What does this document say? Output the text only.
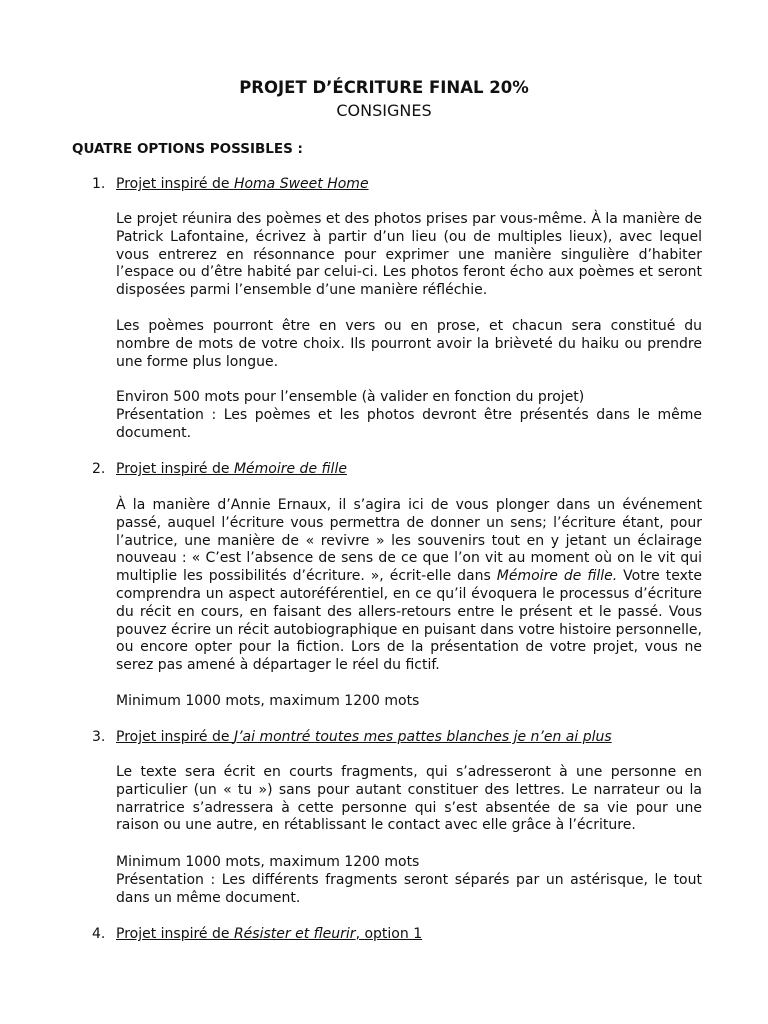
PROJET D’ÉCRITURE FINAL 20%
CONSIGNES
QUATRE OPTIONS POSSIBLES :
1. Projet inspiré de Homa Sweet Home

Le projet réunira des poèmes et des photos prises par vous-même. À la manière de Patrick Lafontaine, écrivez à partir d’un lieu (ou de multiples lieux), avec lequel vous entrerez en résonnance pour exprimer une manière singulière d’habiter l’espace ou d’être habité par celui-ci. Les photos feront écho aux poèmes et seront disposées parmi l’ensemble d’une manière réfléchie.

Les poèmes pourront être en vers ou en prose, et chacun sera constitué du nombre de mots de votre choix. Ils pourront avoir la brièveté du haiku ou prendre une forme plus longue.

Environ 500 mots pour l’ensemble (à valider en fonction du projet)
Présentation : Les poèmes et les photos devront être présentés dans le même document.
2. Projet inspiré de Mémoire de fille

À la manière d’Annie Ernaux, il s’agira ici de vous plonger dans un événement passé, auquel l’écriture vous permettra de donner un sens; l’écriture étant, pour l’autrice, une manière de « revivre » les souvenirs tout en y jetant un éclairage nouveau : « C’est l’absence de sens de ce que l’on vit au moment où on le vit qui multiplie les possibilités d’écriture. », écrit-elle dans Mémoire de fille. Votre texte comprendra un aspect autoréférentiel, en ce qu’il évoquera le processus d’écriture du récit en cours, en faisant des allers-retours entre le présent et le passé. Vous pouvez écrire un récit autobiographique en puisant dans votre histoire personnelle, ou encore opter pour la fiction. Lors de la présentation de votre projet, vous ne serez pas amené à départager le réel du fictif.

Minimum 1000 mots, maximum 1200 mots
3. Projet inspiré de J’ai montré toutes mes pattes blanches je n’en ai plus

Le texte sera écrit en courts fragments, qui s’adresseront à une personne en particulier (un « tu ») sans pour autant constituer des lettres. Le narrateur ou la narratrice s’adressera à cette personne qui s’est absentée de sa vie pour une raison ou une autre, en rétablissant le contact avec elle grâce à l’écriture.

Minimum 1000 mots, maximum 1200 mots
Présentation : Les différents fragments seront séparés par un astérisque, le tout dans un même document.
4. Projet inspiré de Résister et fleurir, option 1
